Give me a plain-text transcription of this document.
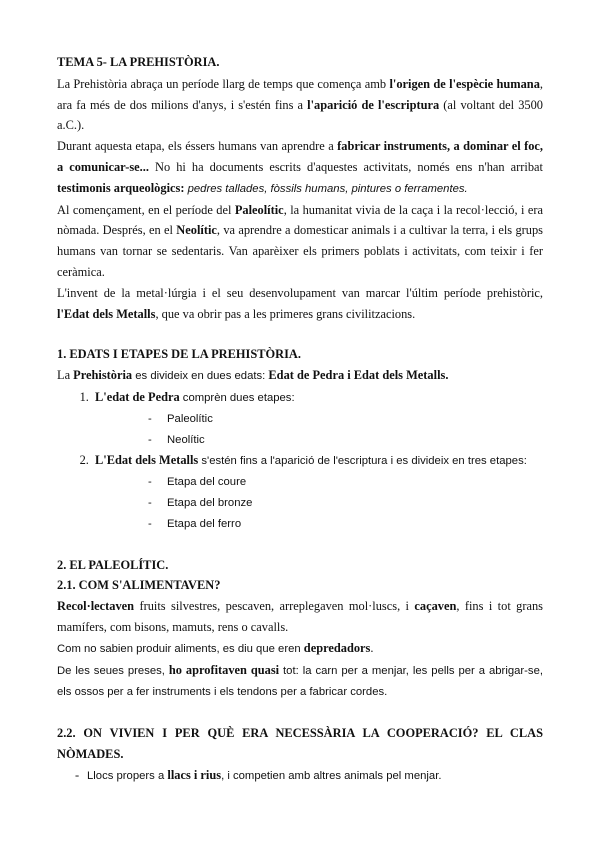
TEMA 5- LA PREHISTÒRIA.

La Prehistòria abraça un període llarg de temps que comença amb l'origen de l'espècie humana, ara fa més de dos milions d'anys, i s'estén fins a l'aparició de l'escriptura (al voltant del 3500 a.C.).

Durant aquesta etapa, els éssers humans van aprendre a fabricar instruments, a dominar el foc, a comunicar-se... No hi ha documents escrits d'aquestes activitats, només ens n'han arribat testimonis arqueològics: pedres tallades, fòssils humans, pintures o ferramentes.

Al començament, en el període del Paleolític, la humanitat vivia de la caça i la recol·lecció, i era nòmada. Després, en el Neolític, va aprendre a domesticar animals i a cultivar la terra, i els grups humans van tornar se sedentaris. Van aparèixer els primers poblats i activitats, com teixir i fer ceràmica.

L'invent de la metal·lúrgia i el seu desenvolupament van marcar l'últim període prehistòric, l'Edat dels Metalls, que va obrir pas a les primeres grans civilitzacions.

1. EDATS I ETAPES DE LA PREHISTÒRIA.

La Prehistòria es divideix en dues edats: Edat de Pedra i Edat dels Metalls.

1. L'edat de Pedra comprèn dues etapes:
- Paleolític
- Neolític
2. L'Edat dels Metalls s'estén fins a l'aparició de l'escriptura i es divideix en tres etapes:
- Etapa del coure
- Etapa del bronze
- Etapa del ferro
2. EL PALEOLÍTIC.
2.1. COM S'ALIMENTAVEN?

Recol·lectaven fruits silvestres, pescaven, arreplegaven mol·luscs, i caçaven, fins i tot grans mamífers, com bisons, mamuts, rens o cavalls.

Com no sabien produir aliments, es diu que eren depredadors.

De les seues preses, ho aprofitaven quasi tot: la carn per a menjar, les pells per a abrigar-se, els ossos per a fer instruments i els tendons per a fabricar cordes.

2.2. ON VIVIEN I PER QUÈ ERA NECESSÀRIA LA COOPERACIÓ? EL CLAS NÒMADES.
- Llocs propers a llacs i rius, i competien amb altres animals pel menjar.
